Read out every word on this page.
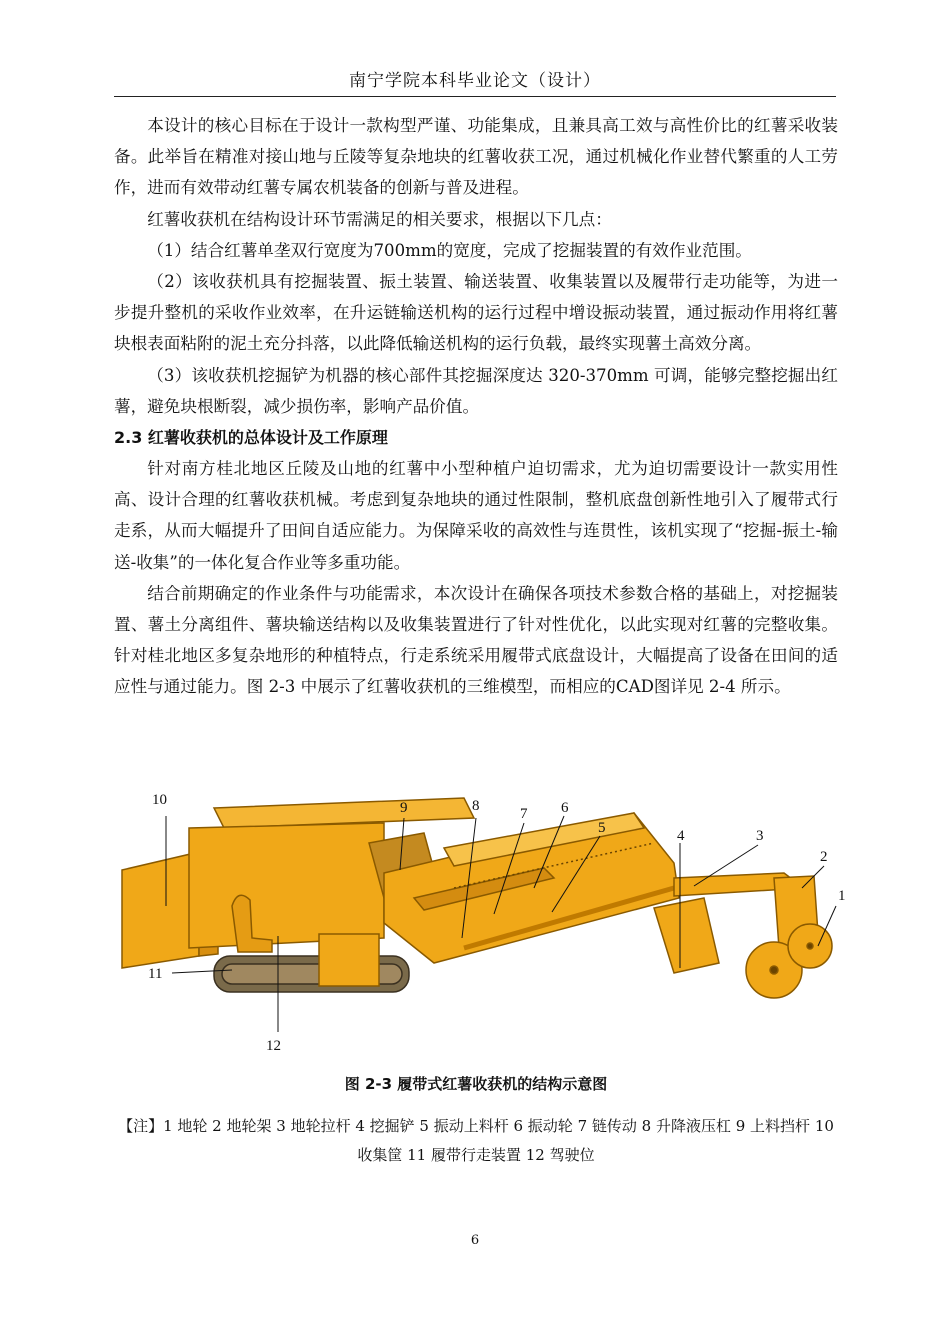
南宁学院本科毕业论文（设计）

本设计的核心目标在于设计一款构型严谨、功能集成，且兼具高工效与高性价比的红薯采收装备。此举旨在精准对接山地与丘陵等复杂地块的红薯收获工况，通过机械化作业替代繁重的人工劳作，进而有效带动红薯专属农机装备的创新与普及进程。

红薯收获机在结构设计环节需满足的相关要求，根据以下几点：

（1）结合红薯单垄双行宽度为700mm的宽度，完成了挖掘装置的有效作业范围。

（2）该收获机具有挖掘装置、振土装置、输送装置、收集装置以及履带行走功能等，为进一步提升整机的采收作业效率，在升运链输送机构的运行过程中增设振动装置，通过振动作用将红薯块根表面粘附的泥土充分抖落，以此降低输送机构的运行负载，最终实现薯土高效分离。

（3）该收获机挖掘铲为机器的核心部件其挖掘深度达 320-370mm 可调，能够完整挖掘出红薯，避免块根断裂，减少损伤率，影响产品价值。

2.3 红薯收获机的总体设计及工作原理

针对南方桂北地区丘陵及山地的红薯中小型种植户迫切需求，尤为迫切需要设计一款实用性高、设计合理的红薯收获机械。考虑到复杂地块的通过性限制，整机底盘创新性地引入了履带式行走系，从而大幅提升了田间自适应能力。为保障采收的高效性与连贯性，该机实现了“挖掘-振土-输送-收集”的一体化复合作业等多重功能。

结合前期确定的作业条件与功能需求，本次设计在确保各项技术参数合格的基础上，对挖掘装置、薯土分离组件、薯块输送结构以及收集装置进行了针对性优化，以此实现对红薯的完整收集。针对桂北地区多复杂地形的种植特点，行走系统采用履带式底盘设计，大幅提高了设备在田间的适应性与通过能力。图 2-3 中展示了红薯收获机的三维模型，而相应的CAD图详见 2-4 所示。

1
2
3
4
5
6
7
8
9
10
11
12
图 2-3 履带式红薯收获机的结构示意图
【注】1 地轮 2 地轮架 3 地轮拉杆 4 挖掘铲 5 振动上料杆 6 振动轮 7 链传动 8 升降液压杠 9 上料挡杆 10 收集筐 11 履带行走装置 12 驾驶位
6
